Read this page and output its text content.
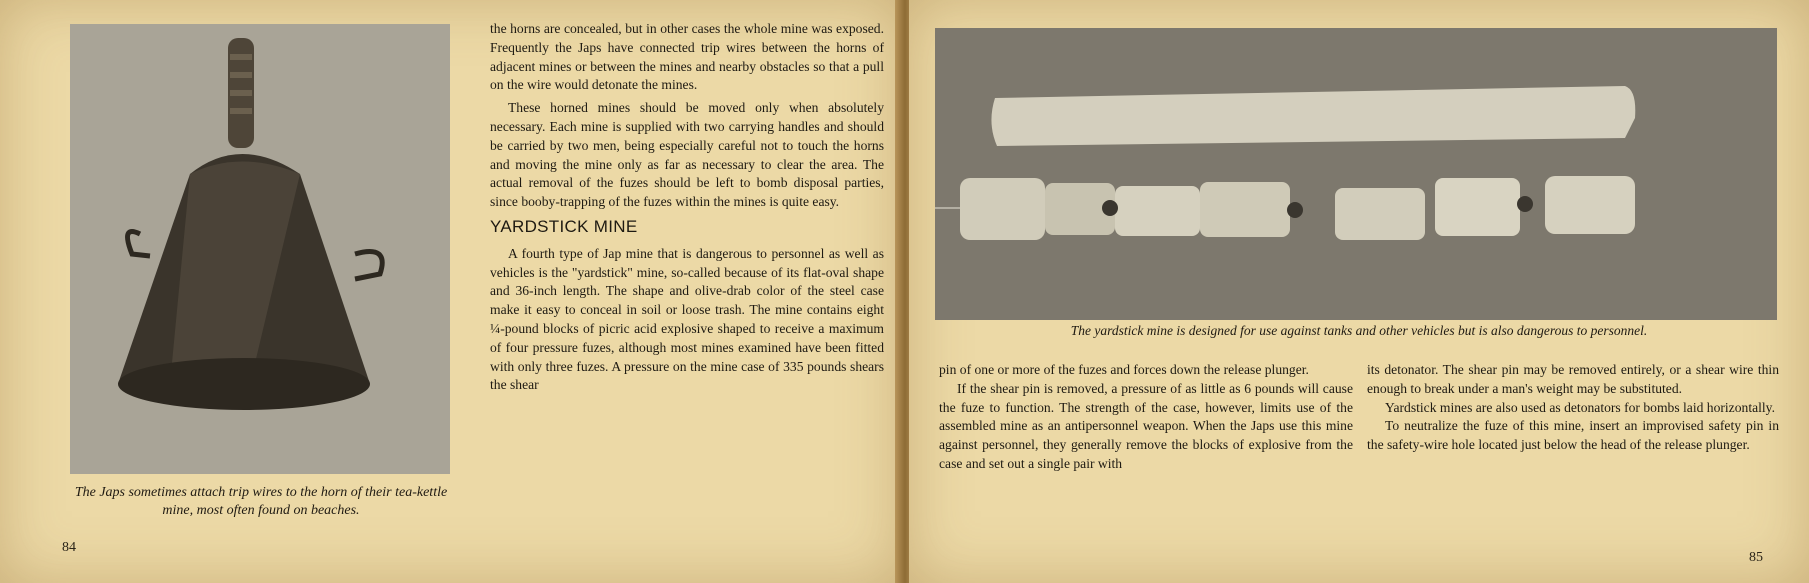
The Japs sometimes attach trip wires to the horn of their tea-kettle mine, most often found on beaches.
84

the horns are concealed, but in other cases the whole mine was exposed. Frequently the Japs have connected trip wires between the horns of adjacent mines or between the mines and nearby obstacles so that a pull on the wire would detonate the mines.

These horned mines should be moved only when absolutely necessary. Each mine is supplied with two carrying handles and should be carried by two men, being especially careful not to touch the horns and moving the mine only as far as necessary to clear the area. The actual removal of the fuzes should be left to bomb disposal parties, since booby-trapping of the fuzes within the mines is quite easy.

YARDSTICK MINE

A fourth type of Jap mine that is dangerous to personnel as well as vehicles is the "yardstick" mine, so-called because of its flat-oval shape and 36-inch length. The shape and olive-drab color of the steel case make it easy to conceal in soil or loose trash. The mine contains eight ¼-pound blocks of picric acid explosive shaped to receive a maximum of four pressure fuzes, although most mines examined have been fitted with only three fuzes. A pressure on the mine case of 335 pounds shears the shear

The yardstick mine is designed for use against tanks and other vehicles but is also dangerous to personnel.

pin of one or more of the fuzes and forces down the release plunger.

If the shear pin is removed, a pressure of as little as 6 pounds will cause the fuze to function. The strength of the case, however, limits use of the assembled mine as an antipersonnel weapon. When the Japs use this mine against personnel, they generally remove the blocks of explosive from the case and set out a single pair with

its detonator. The shear pin may be removed entirely, or a shear wire thin enough to break under a man's weight may be substituted.

Yardstick mines are also used as detonators for bombs laid horizontally.

To neutralize the fuze of this mine, insert an improvised safety pin in the safety-wire hole located just below the head of the release plunger.

85
